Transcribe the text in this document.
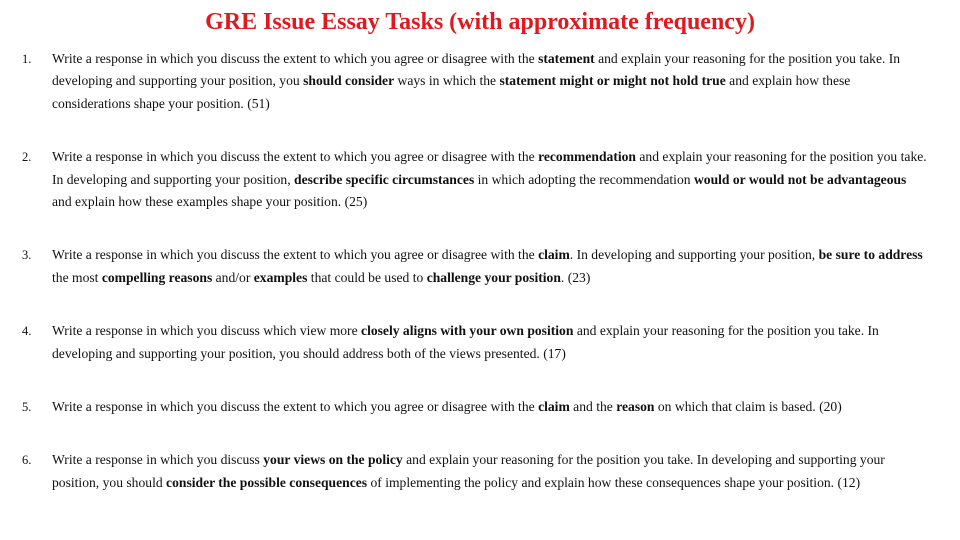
GRE Issue Essay Tasks (with approximate frequency)
1. Write a response in which you discuss the extent to which you agree or disagree with the statement and explain your reasoning for the position you take. In developing and supporting your position, you should consider ways in which the statement might or might not hold true and explain how these considerations shape your position. (51)
2. Write a response in which you discuss the extent to which you agree or disagree with the recommendation and explain your reasoning for the position you take. In developing and supporting your position, describe specific circumstances in which adopting the recommendation would or would not be advantageous and explain how these examples shape your position. (25)
3. Write a response in which you discuss the extent to which you agree or disagree with the claim. In developing and supporting your position, be sure to address the most compelling reasons and/or examples that could be used to challenge your position. (23)
4. Write a response in which you discuss which view more closely aligns with your own position and explain your reasoning for the position you take. In developing and supporting your position, you should address both of the views presented. (17)
5. Write a response in which you discuss the extent to which you agree or disagree with the claim and the reason on which that claim is based. (20)
6. Write a response in which you discuss your views on the policy and explain your reasoning for the position you take. In developing and supporting your position, you should consider the possible consequences of implementing the policy and explain how these consequences shape your position. (12)
